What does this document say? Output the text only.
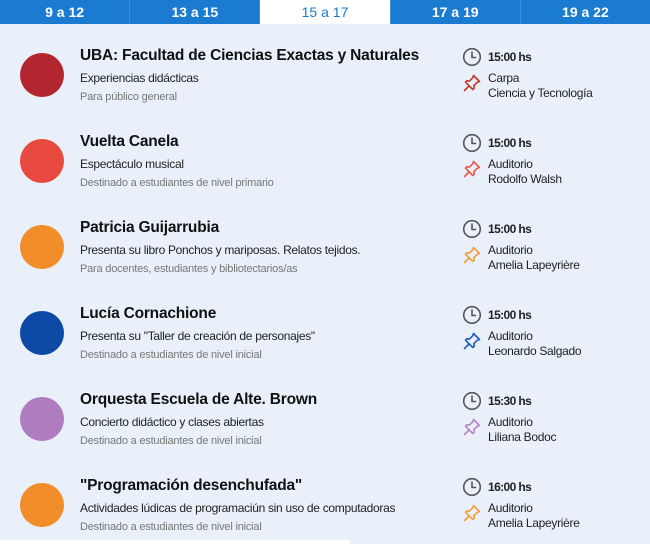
9 a 12	13 a 15	15 a 17	17 a 19	19 a 22
UBA: Facultad de Ciencias Exactas y Naturales
Experiencias didácticas
Para público general
15:00 hs
Carpa
Ciencia y Tecnología
Vuelta Canela
Espectáculo musical
Destinado a estudiantes de nivel primario
15:00 hs
Auditorio
Rodolfo Walsh
Patricia Guijarrubia
Presenta su libro Ponchos y mariposas. Relatos tejidos.
Para docentes, estudiantes y bibliotectarios/as
15:00 hs
Auditorio
Amelia Lapeyrière
Lucía Cornachione
Presenta su "Taller de creación de personajes"
Destinado a estudiantes de nivel inicial
15:00 hs
Auditorio
Leonardo Salgado
Orquesta Escuela de Alte. Brown
Concierto didáctico y clases abiertas
Destinado a estudiantes de nivel inicial
15:30 hs
Auditorio
Liliana Bodoc
"Programación desenchufada"
Actividades lúdicas de programaciún sin uso de computadoras
Destinado a estudiantes de nivel inicial
16:00 hs
Auditorio
Amelia Lapeyrière
